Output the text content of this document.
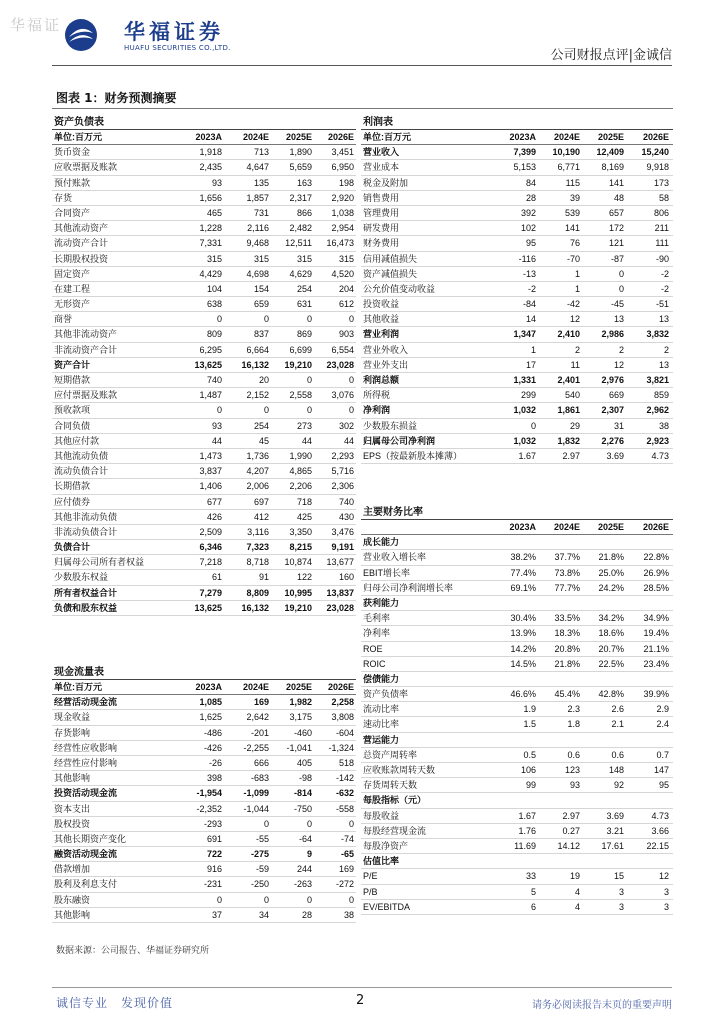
华福证	华福证券
HUAFU SECURITIES CO.,LTD.	公司财报点评|金诚信
图表 1：财务预测摘要
资产负债表
单位:百万元	2023A	2024E	2025E	2026E
货币资金	1,918	713	1,890	3,451
应收票据及账款	2,435	4,647	5,659	6,950
预付账款	93	135	163	198
存货	1,656	1,857	2,317	2,920
合同资产	465	731	866	1,038
其他流动资产	1,228	2,116	2,482	2,954
流动资产合计	7,331	9,468	12,511	16,473
长期股权投资	315	315	315	315
固定资产	4,429	4,698	4,629	4,520
在建工程	104	154	254	204
无形资产	638	659	631	612
商誉	0	0	0	0
其他非流动资产	809	837	869	903
非流动资产合计	6,295	6,664	6,699	6,554
资产合计	13,625	16,132	19,210	23,028
短期借款	740	20	0	0
应付票据及账款	1,487	2,152	2,558	3,076
预收款项	0	0	0	0
合同负债	93	254	273	302
其他应付款	44	45	44	44
其他流动负债	1,473	1,736	1,990	2,293
流动负债合计	3,837	4,207	4,865	5,716
长期借款	1,406	2,006	2,206	2,306
应付债券	677	697	718	740
其他非流动负债	426	412	425	430
非流动负债合计	2,509	3,116	3,350	3,476
负债合计	6,346	7,323	8,215	9,191
归属母公司所有者权益	7,218	8,718	10,874	13,677
少数股东权益	61	91	122	160
所有者权益合计	7,279	8,809	10,995	13,837
负债和股东权益	13,625	16,132	19,210	23,028
现金流量表
单位:百万元	2023A	2024E	2025E	2026E
经营活动现金流	1,085	169	1,982	2,258
现金收益	1,625	2,642	3,175	3,808
存货影响	-486	-201	-460	-604
经营性应收影响	-426	-2,255	-1,041	-1,324
经营性应付影响	-26	666	405	518
其他影响	398	-683	-98	-142
投资活动现金流	-1,954	-1,099	-814	-632
资本支出	-2,352	-1,044	-750	-558
股权投资	-293	0	0	0
其他长期资产变化	691	-55	-64	-74
融资活动现金流	722	-275	9	-65
借款增加	916	-59	244	169
股利及利息支付	-231	-250	-263	-272
股东融资	0	0	0	0
其他影响	37	34	28	38
利润表
单位:百万元	2023A	2024E	2025E	2026E
营业收入	7,399	10,190	12,409	15,240
营业成本	5,153	6,771	8,169	9,918
税金及附加	84	115	141	173
销售费用	28	39	48	58
管理费用	392	539	657	806
研发费用	102	141	172	211
财务费用	95	76	121	111
信用减值损失	-116	-70	-87	-90
资产减值损失	-13	1	0	-2
公允价值变动收益	-2	1	0	-2
投资收益	-84	-42	-45	-51
其他收益	14	12	13	13
营业利润	1,347	2,410	2,986	3,832
营业外收入	1	2	2	2
营业外支出	17	11	12	13
利润总额	1,331	2,401	2,976	3,821
所得税	299	540	669	859
净利润	1,032	1,861	2,307	2,962
少数股东损益	0	29	31	38
归属母公司净利润	1,032	1,832	2,276	2,923
EPS（按最新股本摊薄）	1.67	2.97	3.69	4.73
主要财务比率
2023A	2024E	2025E	2026E
成长能力
营业收入增长率	38.2%	37.7%	21.8%	22.8%
EBIT增长率	77.4%	73.8%	25.0%	26.9%
归母公司净利润增长率	69.1%	77.7%	24.2%	28.5%
获利能力
毛利率	30.4%	33.5%	34.2%	34.9%
净利率	13.9%	18.3%	18.6%	19.4%
ROE	14.2%	20.8%	20.7%	21.1%
ROIC	14.5%	21.8%	22.5%	23.4%
偿债能力
资产负债率	46.6%	45.4%	42.8%	39.9%
流动比率	1.9	2.3	2.6	2.9
速动比率	1.5	1.8	2.1	2.4
营运能力
总资产周转率	0.5	0.6	0.6	0.7
应收账款周转天数	106	123	148	147
存货周转天数	99	93	92	95
每股指标（元）
每股收益	1.67	2.97	3.69	4.73
每股经营现金流	1.76	0.27	3.21	3.66
每股净资产	11.69	14.12	17.61	22.15
估值比率
P/E	33	19	15	12
P/B	5	4	3	3
EV/EBITDA	6	4	3	3
数据来源：公司报告、华福证券研究所
诚信专业　发现价值	2	请务必阅读报告末页的重要声明
